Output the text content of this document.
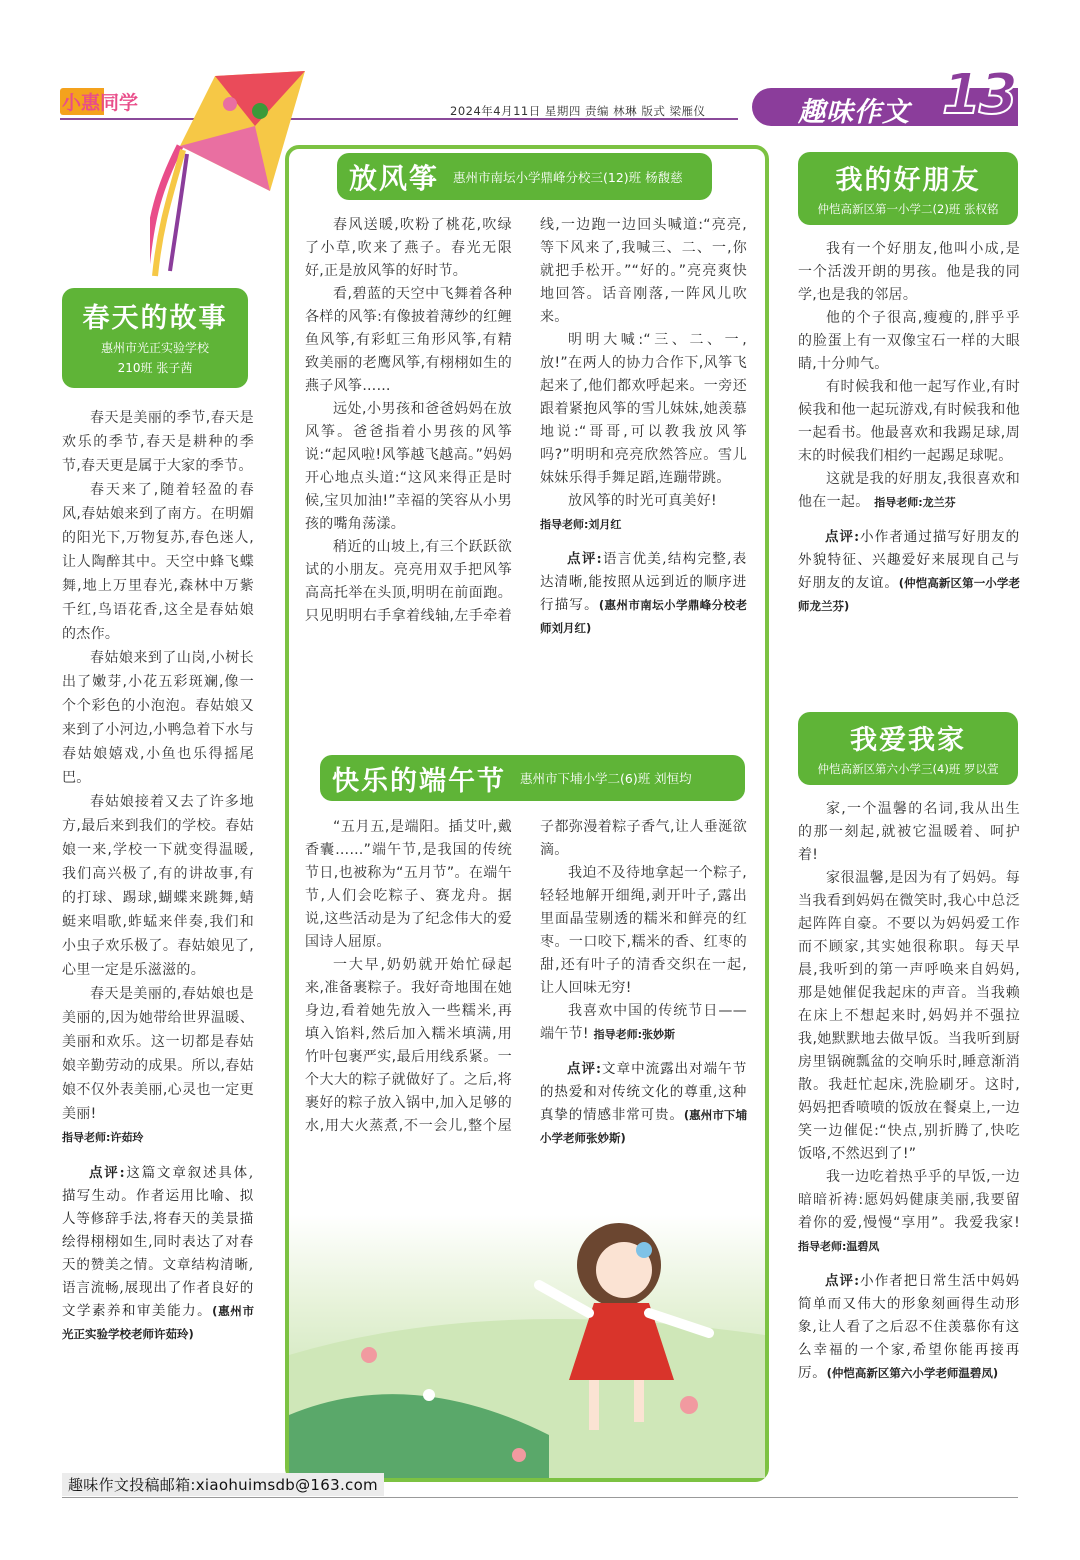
小惠同学	2024年4月11日 星期四 责编 林琳 版式 梁雁仪	趣味作文 13
春天的故事
惠州市光正实验学校
210班 张子茜

春天是美丽的季节,春天是欢乐的季节,春天是耕种的季节,春天更是属于大家的季节。

春天来了,随着轻盈的春风,春姑娘来到了南方。在明媚的阳光下,万物复苏,春色迷人,让人陶醉其中。天空中蜂飞蝶舞,地上万里春光,森林中万紫千红,鸟语花香,这全是春姑娘的杰作。

春姑娘来到了山岗,小树长出了嫩芽,小花五彩斑斓,像一个个彩色的小泡泡。春姑娘又来到了小河边,小鸭急着下水与春姑娘嬉戏,小鱼也乐得摇尾巴。

春姑娘接着又去了许多地方,最后来到我们的学校。春姑娘一来,学校一下就变得温暖,我们高兴极了,有的讲故事,有的打球、踢球,蝴蝶来跳舞,蜻蜓来唱歌,蚱蜢来伴奏,我们和小虫子欢乐极了。春姑娘见了,心里一定是乐滋滋的。

春天是美丽的,春姑娘也是美丽的,因为她带给世界温暖、美丽和欢乐。这一切都是春姑娘辛勤劳动的成果。所以,春姑娘不仅外表美丽,心灵也一定更美丽!

指导老师:许茹玲

点评:这篇文章叙述具体,描写生动。作者运用比喻、拟人等修辞手法,将春天的美景描绘得栩栩如生,同时表达了对春天的赞美之情。文章结构清晰,语言流畅,展现出了作者良好的文学素养和审美能力。(惠州市光正实验学校老师许茹玲)
放风筝 惠州市南坛小学鼎峰分校三(12)班 杨馥慈

春风送暖,吹粉了桃花,吹绿了小草,吹来了燕子。春光无限好,正是放风筝的好时节。

看,碧蓝的天空中飞舞着各种各样的风筝:有像披着薄纱的红鲤鱼风筝,有彩虹三角形风筝,有精致美丽的老鹰风筝,有栩栩如生的燕子风筝……

远处,小男孩和爸爸妈妈在放风筝。爸爸指着小男孩的风筝说:“起风啦!风筝越飞越高。”妈妈开心地点头道:“这风来得正是时候,宝贝加油!”幸福的笑容从小男孩的嘴角荡漾。

稍近的山坡上,有三个跃跃欲试的小朋友。亮亮用双手把风筝高高托举在头顶,明明在前面跑。只见明明右手拿着线轴,左手牵着线,一边跑一边回头喊道:“亮亮,等下风来了,我喊三、二、一,你就把手松开。”“好的。”亮亮爽快地回答。话音刚落,一阵风儿吹来。

明明大喊:“三、二、一,放!”在两人的协力合作下,风筝飞起来了,他们都欢呼起来。一旁还跟着紧抱风筝的雪儿妹妹,她羡慕地说:“哥哥,可以教我放风筝吗?”明明和亮亮欣然答应。雪儿妹妹乐得手舞足蹈,连蹦带跳。

放风筝的时光可真美好!

指导老师:刘月红

点评:语言优美,结构完整,表达清晰,能按照从远到近的顺序进行描写。(惠州市南坛小学鼎峰分校老师刘月红)
快乐的端午节 惠州市下埔小学二(6)班 刘恒均

“五月五,是端阳。插艾叶,戴香囊……”端午节,是我国的传统节日,也被称为“五月节”。在端午节,人们会吃粽子、赛龙舟。据说,这些活动是为了纪念伟大的爱国诗人屈原。

一大早,奶奶就开始忙碌起来,准备裹粽子。我好奇地围在她身边,看着她先放入一些糯米,再填入馅料,然后加入糯米填满,用竹叶包裹严实,最后用线系紧。一个大大的粽子就做好了。之后,将裹好的粽子放入锅中,加入足够的水,用大火蒸煮,不一会儿,整个屋子都弥漫着粽子香气,让人垂涎欲滴。

我迫不及待地拿起一个粽子,轻轻地解开细绳,剥开叶子,露出里面晶莹剔透的糯米和鲜亮的红枣。一口咬下,糯米的香、红枣的甜,还有叶子的清香交织在一起,让人回味无穷!

我喜欢中国的传统节日——端午节! 指导老师:张妙斯

点评:文章中流露出对端午节的热爱和对传统文化的尊重,这种真挚的情感非常可贵。(惠州市下埔小学老师张妙斯)
我的好朋友
仲恺高新区第一小学二(2)班 张权铭

我有一个好朋友,他叫小成,是一个活泼开朗的男孩。他是我的同学,也是我的邻居。

他的个子很高,瘦瘦的,胖乎乎的脸蛋上有一双像宝石一样的大眼睛,十分帅气。

有时候我和他一起写作业,有时候我和他一起玩游戏,有时候我和他一起看书。他最喜欢和我踢足球,周末的时候我们相约一起踢足球呢。

这就是我的好朋友,我很喜欢和他在一起。 指导老师:龙兰芬

点评:小作者通过描写好朋友的外貌特征、兴趣爱好来展现自己与好朋友的友谊。(仲恺高新区第一小学老师龙兰芬)
我爱我家
仲恺高新区第六小学三(4)班 罗以萱

家,一个温馨的名词,我从出生的那一刻起,就被它温暖着、呵护着!

家很温馨,是因为有了妈妈。每当我看到妈妈在微笑时,我心中总泛起阵阵自豪。不要以为妈妈爱工作而不顾家,其实她很称职。每天早晨,我听到的第一声呼唤来自妈妈,那是她催促我起床的声音。当我赖在床上不想起来时,妈妈并不强拉我,她默默地去做早饭。当我听到厨房里锅碗瓢盆的交响乐时,睡意渐消散。我赶忙起床,洗脸刷牙。这时,妈妈把香喷喷的饭放在餐桌上,一边笑一边催促:“快点,别折腾了,快吃饭咯,不然迟到了!”

我一边吃着热乎乎的早饭,一边暗暗祈祷:愿妈妈健康美丽,我要留着你的爱,慢慢“享用”。我爱我家! 指导老师:温碧凤

点评:小作者把日常生活中妈妈简单而又伟大的形象刻画得生动形象,让人看了之后忍不住羡慕你有这么幸福的一个家,希望你能再接再厉。(仲恺高新区第六小学老师温碧凤)
趣味作文投稿邮箱:xiaohuimsdb@163.com
